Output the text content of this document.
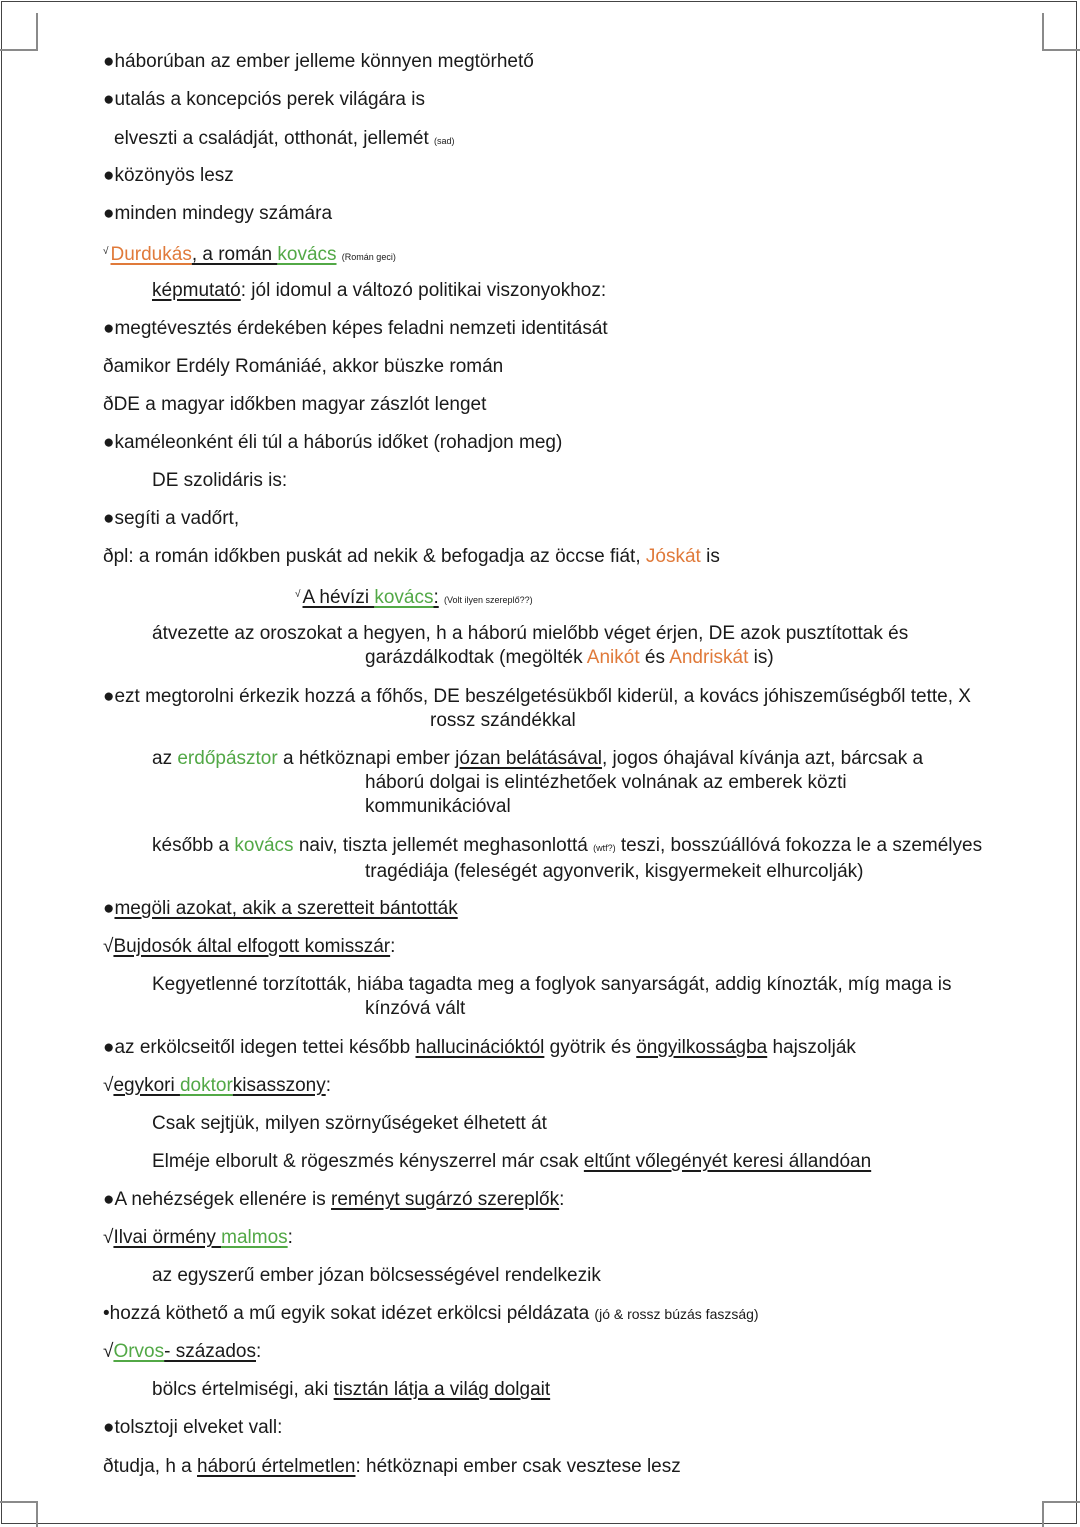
●háborúban az ember jelleme könnyen megtörhető
●utalás a koncepciós perek világára is
elveszti a családját, otthonát, jellemét (sad)
●közönyös lesz
●minden mindegy számára
√ Durdukás, a román kovács (Román geci)
képmutató: jól idomul a változó politikai viszonyokhoz:
●megtévesztés érdekében képes feladni nemzeti identitását
ðamikor Erdély Romániáé, akkor büszke román
ðDE a magyar időkben magyar zászlót lenget
●kaméleonként éli túl a háborús időket (rohadjon meg)
DE szolidáris is:
●segíti a vadőrt,
ðpl: a román időkben puskát ad nekik & befogadja az öccse fiát, Jóskát is
√ A hévízi kovács: (Volt ilyen szereplő??)
átvezette az oroszokat a hegyen, h a háború mielőbb véget érjen, DE azok pusztítottak és
garázdálkodtak (megölték Anikót és Andriskát is)
●ezt megtorolni érkezik hozzá a főhős, DE beszélgetésükből kiderül, a kovács jóhiszeműségből tette, X
rossz szándékkal
az erdőpásztor a hétköznapi ember józan belátásával, jogos óhajával kívánja azt, bárcsak a
háború dolgai is elintézhetőek volnának az emberek közti
kommunikációval
később a kovács naiv, tiszta jellemét meghasonlottá (wtf?) teszi, bosszúállóvá fokozza le a személyes
tragédiája (feleségét agyonverik, kisgyermekeit elhurcolják)
●megöli azokat, akik a szeretteit bántották
√Bujdosók által elfogott komisszár:
Kegyetlenné torzították, hiába tagadta meg a foglyok sanyarságát, addig kínozták, míg maga is
kínzóvá vált
●az erkölcseitől idegen tettei később hallucinációktól gyötrik és öngyilkosságba hajszolják
√egykori doktorkisasszony:
Csak sejtjük, milyen szörnyűségeket élhetett át
Elméje elborult & rögeszmés kényszerrel már csak eltűnt vőlegényét keresi állandóan
●A nehézségek ellenére is reményt sugárzó szereplők:
√Ilvai örmény malmos:
az egyszerű ember józan bölcsességével rendelkezik
•hozzá köthető a mű egyik sokat idézet erkölcsi példázata (jó & rossz búzás faszság)
√Orvos- százados:
bölcs értelmiségi, aki tisztán látja a világ dolgait
●tolsztoji elveket vall:
ðtudja, h a háború értelmetlen: hétköznapi ember csak vesztese lesz
